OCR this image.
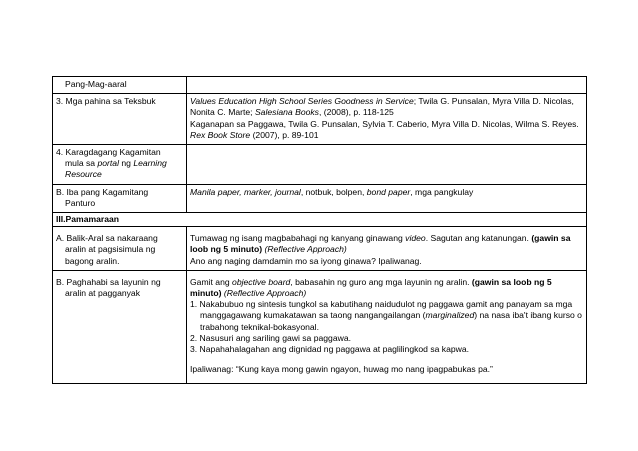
Pang-Mag-aaral	

3. Mga pahina sa Teksbuk	Values Education High School Series Goodness in Service; Twila G. Punsalan, Myra Villa D. Nicolas, Nonita C. Marte; Salesiana Books, (2008), p. 118-125
Kaganapan sa Paggawa, Twila G. Punsalan, Sylvia T. Caberio, Myra Villa D. Nicolas, Wilma S. Reyes. Rex Book Store (2007), p. 89-101

4. Karagdagang Kagamitan
mula sa portal ng Learning
Resource	

B. Iba pang Kagamitang
Panturo	Manila paper, marker, journal, notbuk, bolpen, bond paper, mga pangkulay
III.Pamamaraan	

A. Balik-Aral sa nakaraang
aralin at pagsisimula ng
bagong aralin.	Tumawag ng isang magbabahagi ng kanyang ginawang video. Sagutan ang katanungan. (gawin sa loob ng 5 minuto) (Reflective Approach)
Ano ang naging damdamin mo sa iyong ginawa? Ipaliwanag.

B. Paghahabi sa layunin ng
aralin at pagganyak	Gamit ang objective board, babasahin ng guro ang mga layunin ng aralin. (gawin sa loob ng 5 minuto) (Reflective Approach)
1. Nakabubuo ng sintesis tungkol sa kabutihang naidudulot ng paggawa gamit ang panayam sa mga manggagawang kumakatawan sa taong nangangailangan (marginalized) na nasa iba't ibang kurso o trabahong teknikal-bokasyonal.
2. Nasusuri ang sariling gawi sa paggawa.
3. Napahahalagahan ang dignidad ng paggawa at paglilingkod sa kapwa.
Ipaliwanag: “Kung kaya mong gawin ngayon, huwag mo nang ipagpabukas pa.”
